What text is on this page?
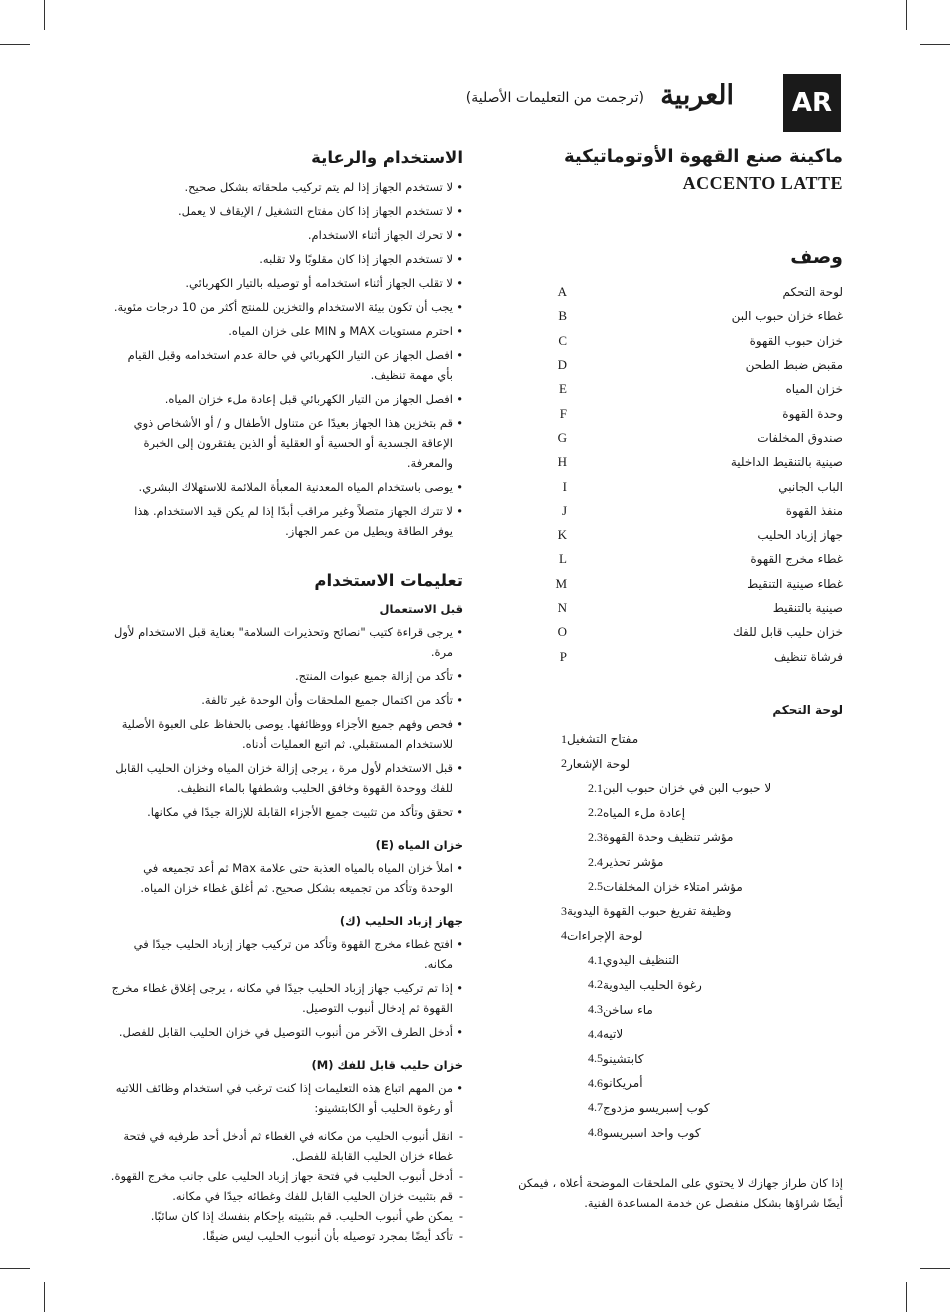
AR
العربية
(ترجمت من التعليمات الأصلية)
ماكينة صنع القهوة الأوتوماتيكية
ACCENTO LATTE
وصف
A	لوحة التحكم
B	غطاء خزان حبوب البن
C	خزان حبوب القهوة
D	مقبض ضبط الطحن
E	خزان المياه
F	وحدة القهوة
G	صندوق المخلفات
H	صينية بالتنقيط الداخلية
I	الباب الجانبي
J	منفذ القهوة
K	جهاز إزباد الحليب
L	غطاء مخرج القهوة
M	غطاء صينية التنقيط
N	صينية بالتنقيط
O	خزان حليب قابل للفك
P	فرشاة تنظيف
لوحة التحكم
1 مفتاح التشغيل
2 لوحة الإشعار
2.1 لا حبوب البن في خزان حبوب البن
2.2 إعادة ملء المياه
2.3 مؤشر تنظيف وحدة القهوة
2.4 مؤشر تحذير
2.5 مؤشر امتلاء خزان المخلفات
3 وظيفة تفريغ حبوب القهوة اليدوية
4 لوحة الإجراءات
4.1 التنظيف اليدوي
4.2 رغوة الحليب اليدوية
4.3 ماء ساخن
4.4 لاتيه
4.5 كابتشينو
4.6 أمريكانو
4.7 كوب إسبريسو مزدوج
4.8 كوب واحد اسبريسو

إذا كان طراز جهازك لا يحتوي على الملحقات الموضحة أعلاه ، فيمكن أيضًا شراؤها بشكل منفصل عن خدمة المساعدة الفنية.

الاستخدام والرعاية
• لا تستخدم الجهاز إذا لم يتم تركيب ملحقاته بشكل صحيح.
• لا تستخدم الجهاز إذا كان مفتاح التشغيل / الإيقاف لا يعمل.
• لا تحرك الجهاز أثناء الاستخدام.
• لا تستخدم الجهاز إذا كان مقلوبًا ولا تقلبه.
• لا تقلب الجهاز أثناء استخدامه أو توصيله بالتيار الكهربائي.
• يجب أن تكون بيئة الاستخدام والتخزين للمنتج أكثر من 10 درجات مئوية.
• احترم مستويات MAX و MIN على خزان المياه.
• افصل الجهاز عن التيار الكهربائي في حالة عدم استخدامه وقبل القيام بأي مهمة تنظيف.
• افصل الجهاز من التيار الكهربائي قبل إعادة ملء خزان المياه.
• قم بتخزين هذا الجهاز بعيدًا عن متناول الأطفال و / أو الأشخاص ذوي الإعاقة الجسدية أو الحسية أو العقلية أو الذين يفتقرون إلى الخبرة والمعرفة.
• يوصى باستخدام المياه المعدنية المعبأة الملائمة للاستهلاك البشري.
• لا تترك الجهاز متصلاً وغير مراقب أبدًا إذا لم يكن قيد الاستخدام. هذا يوفر الطاقة ويطيل من عمر الجهاز.
تعليمات الاستخدام
قبل الاستعمال
• يرجى قراءة كتيب "نصائح وتحذيرات السلامة" بعناية قبل الاستخدام لأول مرة.
• تأكد من إزالة جميع عبوات المنتج.
• تأكد من اكتمال جميع الملحقات وأن الوحدة غير تالفة.
• فحص وفهم جميع الأجزاء ووظائفها. يوصى بالحفاظ على العبوة الأصلية للاستخدام المستقبلي. ثم اتبع العمليات أدناه.
• قبل الاستخدام لأول مرة ، يرجى إزالة خزان المياه وخزان الحليب القابل للفك ووحدة القهوة وخافق الحليب وشطفها بالماء النظيف.
• تحقق وتأكد من تثبيت جميع الأجزاء القابلة للإزالة جيدًا في مكانها.
خزان المياه (E)
• املأ خزان المياه بالمياه العذبة حتى علامة Max ثم أعد تجميعه في الوحدة وتأكد من تجميعه بشكل صحيح. ثم أغلق غطاء خزان المياه.
جهاز إزباد الحليب (ك)
• افتح غطاء مخرج القهوة وتأكد من تركيب جهاز إزباد الحليب جيدًا في مكانه.
• إذا تم تركيب جهاز إزباد الحليب جيدًا في مكانه ، يرجى إغلاق غطاء مخرج القهوة ثم إدخال أنبوب التوصيل.
• أدخل الطرف الآخر من أنبوب التوصيل في خزان الحليب القابل للفصل.
خزان حليب قابل للفك (M)
• من المهم اتباع هذه التعليمات إذا كنت ترغب في استخدام وظائف اللاتيه أو رغوة الحليب أو الكابتشينو:
- انقل أنبوب الحليب من مكانه في الغطاء ثم أدخل أحد طرفيه في فتحة غطاء خزان الحليب القابلة للفصل.
- أدخل أنبوب الحليب في فتحة جهاز إزباد الحليب على جانب مخرج القهوة.
- قم بتثبيت خزان الحليب القابل للفك وغطائه جيدًا في مكانه.
- يمكن طي أنبوب الحليب. قم بتثبيته بإحكام بنفسك إذا كان سائبًا.
- تأكد أيضًا بمجرد توصيله بأن أنبوب الحليب ليس ضيقًا.
